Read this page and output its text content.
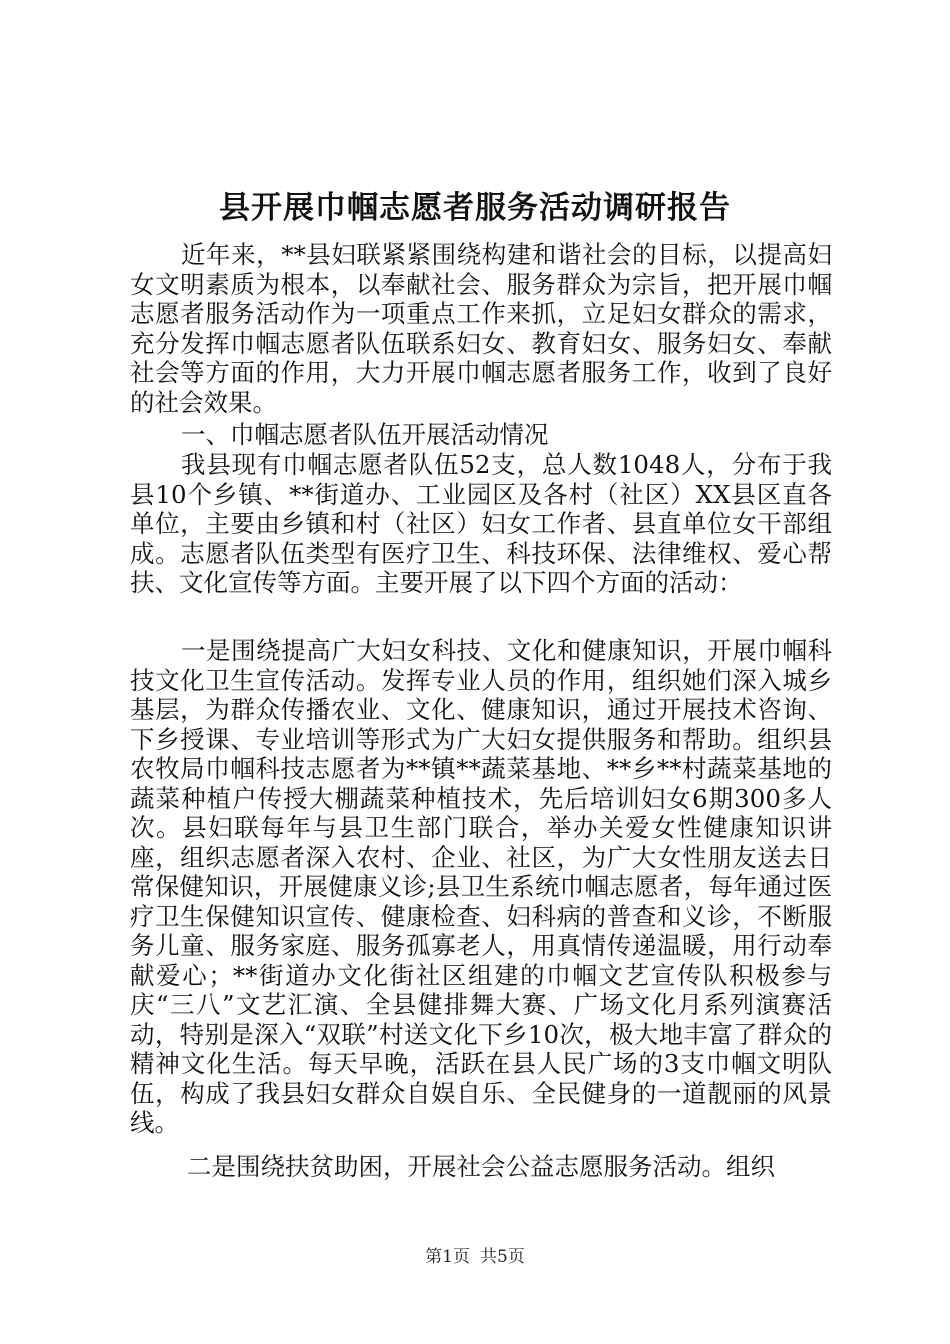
县开展巾帼志愿者服务活动调研报告

近年来，**县妇联紧紧围绕构建和谐社会的目标，以提高妇女文明素质为根本，以奉献社会、服务群众为宗旨，把开展巾帼志愿者服务活动作为一项重点工作来抓，立足妇女群众的需求，充分发挥巾帼志愿者队伍联系妇女、教育妇女、服务妇女、奉献社会等方面的作用，大力开展巾帼志愿者服务工作，收到了良好的社会效果。

一、巾帼志愿者队伍开展活动情况

我县现有巾帼志愿者队伍52支，总人数1048人，分布于我县10个乡镇、**街道办、工业园区及各村（社区）XX县区直各单位，主要由乡镇和村（社区）妇女工作者、县直单位女干部组成。志愿者队伍类型有医疗卫生、科技环保、法律维权、爱心帮扶、文化宣传等方面。主要开展了以下四个方面的活动：

一是围绕提高广大妇女科技、文化和健康知识，开展巾帼科技文化卫生宣传活动。发挥专业人员的作用，组织她们深入城乡基层，为群众传播农业、文化、健康知识，通过开展技术咨询、下乡授课、专业培训等形式为广大妇女提供服务和帮助。组织县农牧局巾帼科技志愿者为**镇**蔬菜基地、**乡**村蔬菜基地的蔬菜种植户传授大棚蔬菜种植技术，先后培训妇女6期300多人次。县妇联每年与县卫生部门联合，举办关爱女性健康知识讲座，组织志愿者深入农村、企业、社区，为广大女性朋友送去日常保健知识，开展健康义诊;县卫生系统巾帼志愿者，每年通过医疗卫生保健知识宣传、健康检查、妇科病的普查和义诊，不断服务儿童、服务家庭、服务孤寡老人，用真情传递温暖，用行动奉献爱心；**街道办文化街社区组建的巾帼文艺宣传队积极参与庆“三八”文艺汇演、全县健排舞大赛、广场文化月系列演赛活动，特别是深入“双联”村送文化下乡10次，极大地丰富了群众的精神文化生活。每天早晚，活跃在县人民广场的3支巾帼文明队伍，构成了我县妇女群众自娱自乐、全民健身的一道靓丽的风景线。

二是围绕扶贫助困，开展社会公益志愿服务活动。组织

第1页 共5页
